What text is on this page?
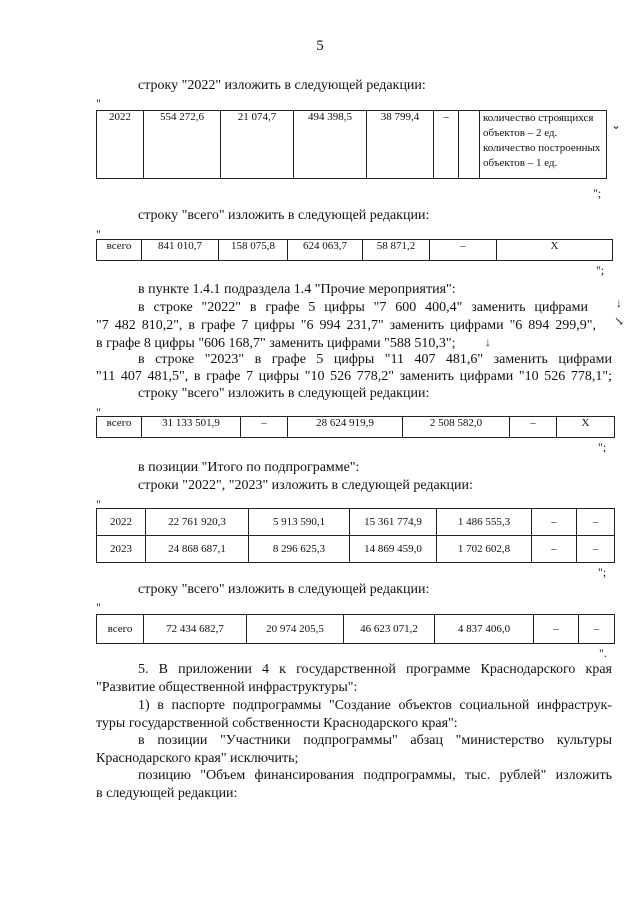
5
строку "2022" изложить в следующей редакции:
"
2022	554 272,6	21 074,7	494 398,5	38 799,4	–		количество строящихся
объектов – 2 ед.
количество построенных
объектов – 1 ед.
⌄
";
строку "всего" изложить в следующей редакции:
"
всего	841 010,7	158 075,8	624 063,7	58 871,2	–	X
";
в пункте 1.4.1 подраздела 1.4 "Прочие мероприятия":
в строке "2022" в графе 5 цифры "7 600 400,4" заменить цифрами ↓
"7 482 810,2", в графе 7 цифры "6 994 231,7" заменить цифрами "6 894 299,9", ↘
в графе 8 цифры "606 168,7" заменить цифрами "588 510,3"; ↓
в строке "2023" в графе 5 цифры "11 407 481,6" заменить цифрами
"11 407 481,5", в графе 7 цифры "10 526 778,2" заменить цифрами "10 526 778,1";
строку "всего" изложить в следующей редакции:
"
всего	31 133 501,9	–	28 624 919,9	2 508 582,0	–	X
";
в позиции "Итого по подпрограмме":
строки "2022", "2023" изложить в следующей редакции:
"
2022	22 761 920,3	5 913 590,1	15 361 774,9	1 486 555,3	–	–
2023	24 868 687,1	8 296 625,3	14 869 459,0	1 702 602,8	–	–
";
строку "всего" изложить в следующей редакции:
"
всего	72 434 682,7	20 974 205,5	46 623 071,2	4 837 406,0	–	–
".
5. В приложении 4 к государственной программе Краснодарского края
"Развитие общественной инфраструктуры":
1) в паспорте подпрограммы "Создание объектов социальной инфраструк-
туры государственной собственности Краснодарского края":
в позиции "Участники подпрограммы" абзац "министерство культуры
Краснодарского края" исключить;
позицию "Объем финансирования подпрограммы, тыс. рублей" изложить
в следующей редакции:
